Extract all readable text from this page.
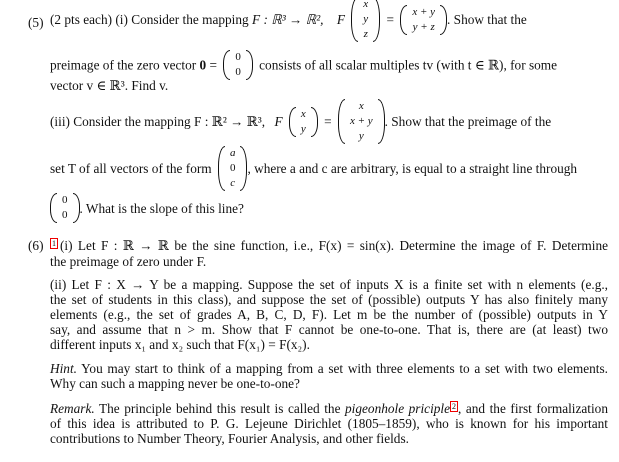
(5) (2 pts each) (i) Consider the mapping F : ℝ³ → ℝ², F
x
y
z
=
x + y
y + z . Show that the
preimage of the zero vector 0 =
0
0 consists of all scalar multiples tv (with t ∈ ℝ), for some
vector v ∈ ℝ³. Find v.
(iii) Consider the mapping F : ℝ² → ℝ³, F
x
y =
x
x + y
y
. Show that the preimage of the
set T of all vectors of the form
a
0
c
, where a and c are arbitrary, is equal to a straight line through
0
0 . What is the slope of this line?
(6) 1 (i) Let F : ℝ → ℝ be the sine function, i.e., F(x) = sin(x). Determine the image of F. Determine
the preimage of zero under F.
(ii) Let F : X → Y be a mapping. Suppose the set of inputs X is a finite set with n elements (e.g.,
the set of students in this class), and suppose the set of (possible) outputs Y has also finitely many
elements (e.g., the set of grades A, B, C, D, F). Let m be the number of (possible) outputs in Y
say, and assume that n > m. Show that F cannot be one-to-one. That is, there are (at least) two
different inputs x₁ and x₂ such that F(x₁) = F(x₂).
Hint. You may start to think of a mapping from a set with three elements to a set with two elements.
Why can such a mapping never be one-to-one?
Remark. The principle behind this result is called the pigeonhole priciple 2 , and the first formalization
of this idea is attributed to P. G. Lejeune Dirichlet (1805–1859), who is known for his important
contributions to Number Theory, Fourier Analysis, and other fields.
